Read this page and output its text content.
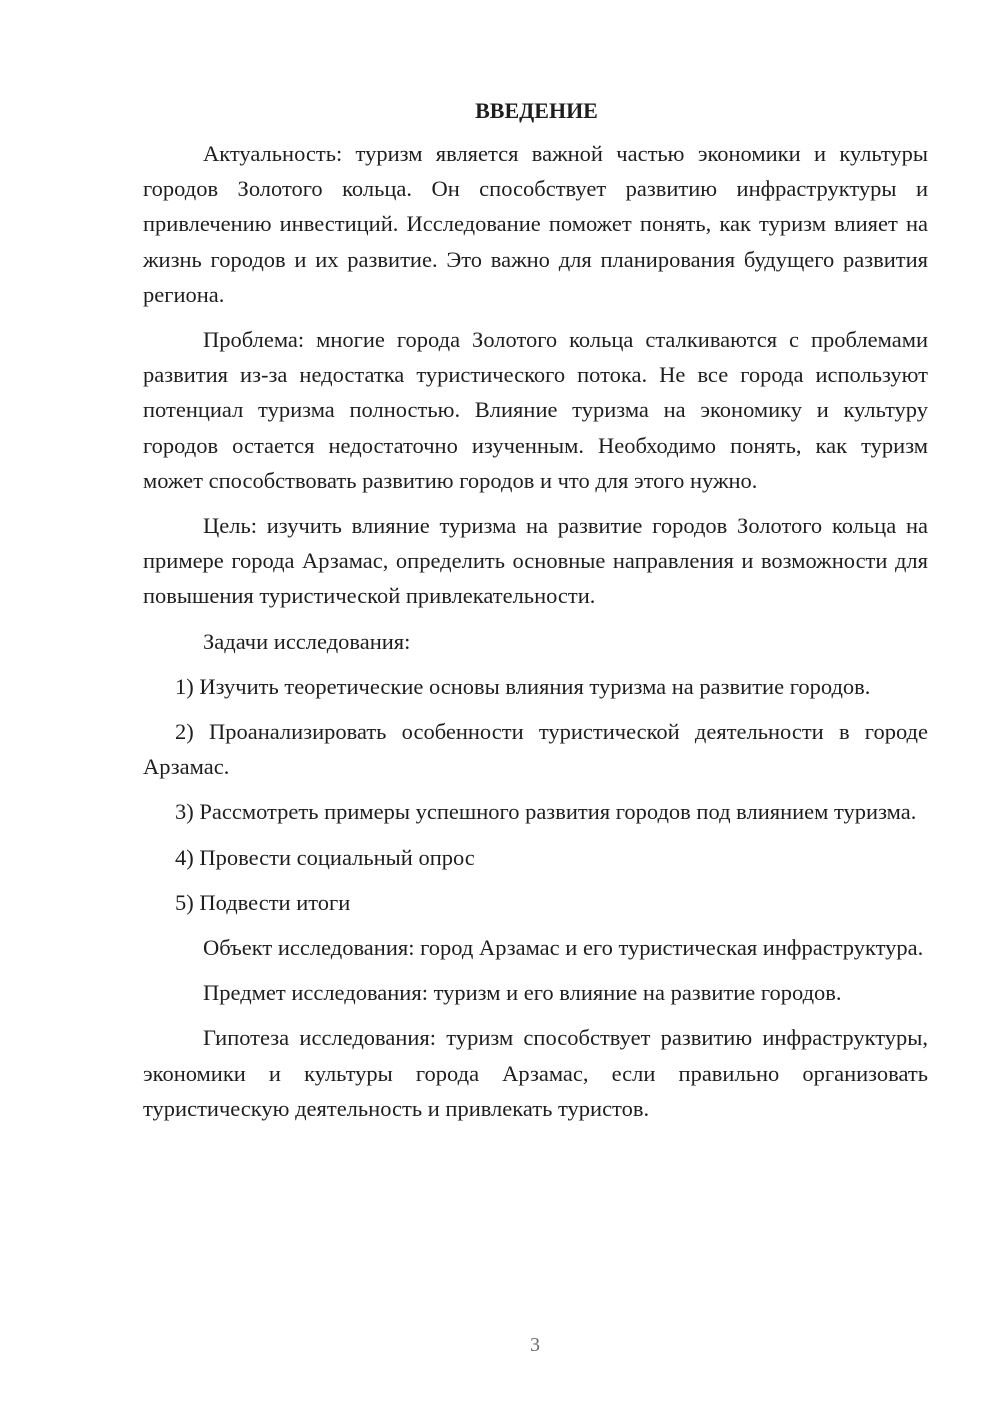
ВВЕДЕНИЕ

Актуальность: туризм является важной частью экономики и культуры городов Золотого кольца. Он способствует развитию инфраструктуры и привлечению инвестиций. Исследование поможет понять, как туризм влияет на жизнь городов и их развитие. Это важно для планирования будущего развития региона.

Проблема: многие города Золотого кольца сталкиваются с проблемами развития из-за недостатка туристического потока. Не все города используют потенциал туризма полностью. Влияние туризма на экономику и культуру городов остается недостаточно изученным. Необходимо понять, как туризм может способствовать развитию городов и что для этого нужно.

Цель: изучить влияние туризма на развитие городов Золотого кольца на примере города Арзамас, определить основные направления и возможности для повышения туристической привлекательности.

Задачи исследования:

1) Изучить теоретические основы влияния туризма на развитие городов.

2) Проанализировать особенности туристической деятельности в городе Арзамас.

3) Рассмотреть примеры успешного развития городов под влиянием туризма.

4) Провести социальный опрос

5) Подвести итоги

Объект исследования: город Арзамас и его туристическая инфраструктура.

Предмет исследования: туризм и его влияние на развитие городов.

Гипотеза исследования: туризм способствует развитию инфраструктуры, экономики и культуры города Арзамас, если правильно организовать туристическую деятельность и привлекать туристов.

3
